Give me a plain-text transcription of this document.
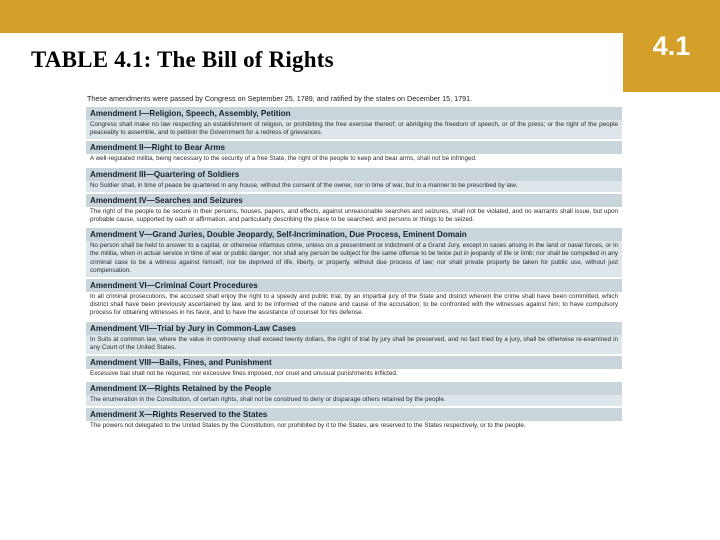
4.1
TABLE 4.1: The Bill of Rights

These amendments were passed by Congress on September 25, 1789, and ratified by the states on December 15, 1791.

Amendment I—Religion, Speech, Assembly, Petition
Congress shall make no law respecting an establishment of religion, or prohibiting the free exercise thereof; or abridging the freedom of speech, or of the press; or the right of the people peaceably to assemble, and to petition the Government for a redress of grievances.
Amendment II—Right to Bear Arms
A well-regulated militia, being necessary to the security of a free State, the right of the people to keep and bear arms, shall not be infringed.
Amendment III—Quartering of Soldiers
No Soldier shall, in time of peace be quartered in any house, without the consent of the owner, nor in time of war, but in a manner to be prescribed by law.
Amendment IV—Searches and Seizures
The right of the people to be secure in their persons, houses, papers, and effects, against unreasonable searches and seizures, shall not be violated, and no warrants shall issue, but upon probable cause, supported by oath or affirmation, and particularly describing the place to be searched, and persons or things to be seized.
Amendment V—Grand Juries, Double Jeopardy, Self-Incrimination, Due Process, Eminent Domain
No person shall be held to answer to a capital, or otherwise infamous crime, unless on a presentment or indictment of a Grand Jury, except in cases arising in the land or naval forces, or in the militia, when in actual service in time of war or public danger; nor shall any person be subject for the same offense to be twice put in jeopardy of life or limb; nor shall be compelled in any criminal case to be a witness against himself, nor be deprived of life, liberty, or property, without due process of law; nor shall private property be taken for public use, without just compensation.
Amendment VI—Criminal Court Procedures
In all criminal prosecutions, the accused shall enjoy the right to a speedy and public trial, by an impartial jury of the State and district wherein the crime shall have been committed, which district shall have been previously ascertained by law, and to be informed of the nature and cause of the accusation; to be confronted with the witnesses against him; to have compulsory process for obtaining witnesses in his favor, and to have the assistance of counsel for his defense.
Amendment VII—Trial by Jury in Common-Law Cases
In Suits at common law, where the value in controversy shall exceed twenty dollars, the right of trial by jury shall be preserved, and no fact tried by a jury, shall be otherwise re-examined in any Court of the United States.
Amendment VIII—Bails, Fines, and Punishment
Excessive bail shall not be required, nor excessive fines imposed, nor cruel and unusual punishments inflicted.
Amendment IX—Rights Retained by the People
The enumeration in the Constitution, of certain rights, shall not be construed to deny or disparage others retained by the people.
Amendment X—Rights Reserved to the States
The powers not delegated to the United States by the Constitution, nor prohibited by it to the States, are reserved to the States respectively, or to the people.
